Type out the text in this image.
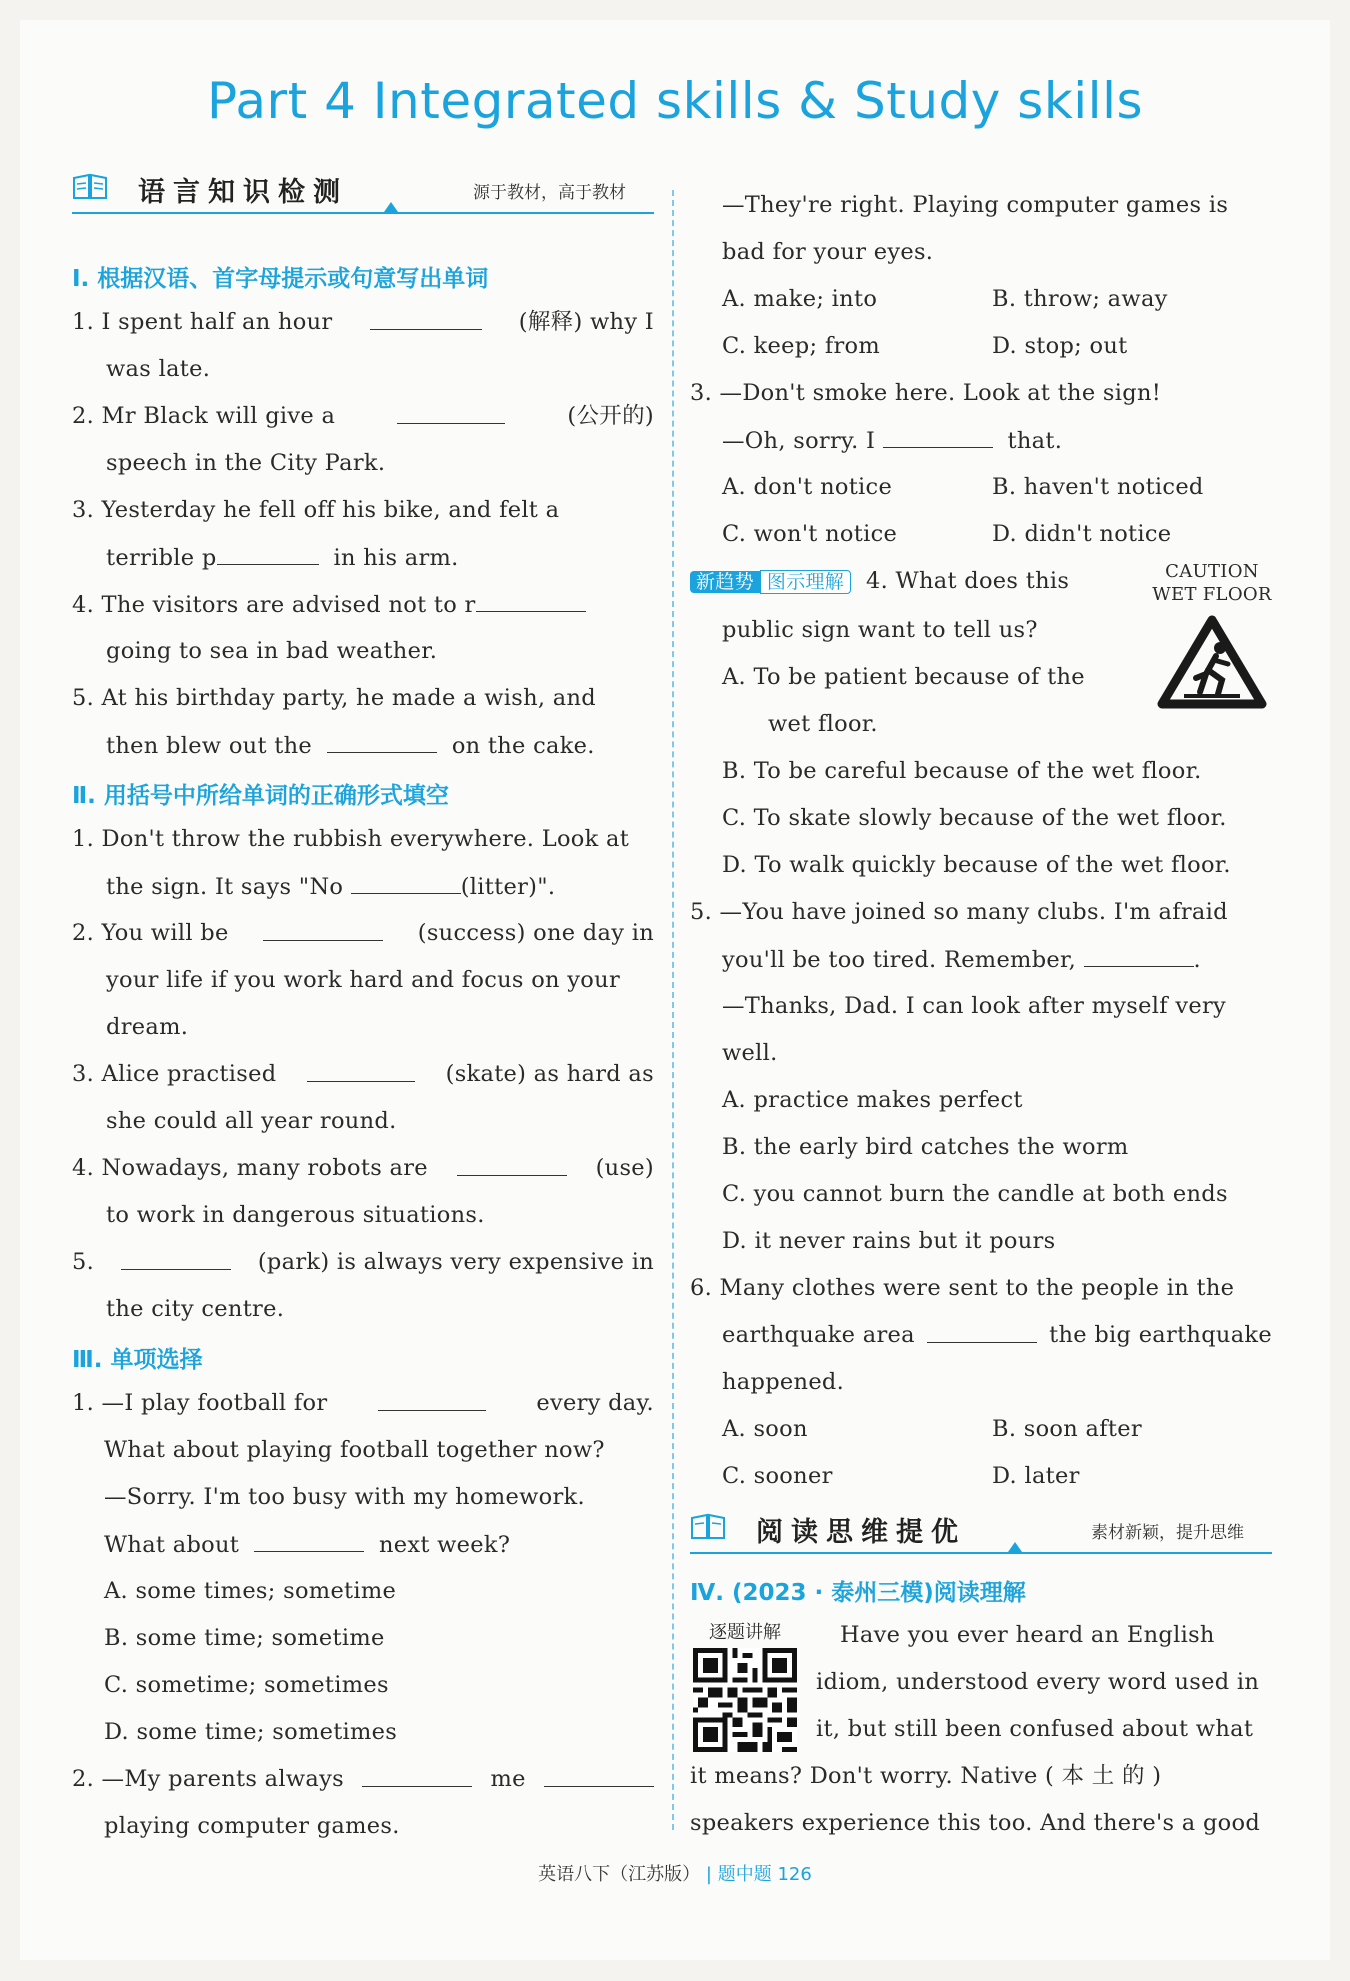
Part 4 Integrated skills & Study skills
语言知识检测	源于教材，高于教材
Ⅰ. 根据汉语、首字母提示或句意写出单词
1. I spent half an hour	(解释) why I
was late.
2. Mr Black will give a	(公开的)
speech in the City Park.
3. Yesterday he fell off his bike, and felt a
terrible p	in his arm.
4. The visitors are advised not to r
going to sea in bad weather.
5. At his birthday party, he made a wish, and
then blew out the	on the cake.
Ⅱ. 用括号中所给单词的正确形式填空
1. Don't throw the rubbish everywhere. Look at
the sign. It says "No	(litter)".
2. You will be	(success) one day in
your life if you work hard and focus on your
dream.
3. Alice practised	(skate) as hard as
she could all year round.
4. Nowadays, many robots are	(use)
to work in dangerous situations.
5.	(park) is always very expensive in
the city centre.
Ⅲ. 单项选择
1. —I play football for	every day.
What about playing football together now?
—Sorry. I'm too busy with my homework.
What about	next week?
A. some times; sometime
B. some time; sometime
C. sometime; sometimes
D. some time; sometimes
2. —My parents always	me
playing computer games.
—They're right. Playing computer games is
bad for your eyes.
A. make; into	B. throw; away
C. keep; from	D. stop; out
3. —Don't smoke here. Look at the sign!
—Oh, sorry. I	that.
A. don't notice	B. haven't noticed
C. won't notice	D. didn't notice
新趋势 图示理解 4. What does this	CAUTION
WET FLOOR
public sign want to tell us?
A. To be patient because of the
wet floor.
B. To be careful because of the wet floor.
C. To skate slowly because of the wet floor.
D. To walk quickly because of the wet floor.
5. —You have joined so many clubs. I'm afraid
you'll be too tired. Remember,	.
—Thanks, Dad. I can look after myself very
well.
A. practice makes perfect
B. the early bird catches the worm
C. you cannot burn the candle at both ends
D. it never rains but it pours
6. Many clothes were sent to the people in the
earthquake area	the big earthquake
happened.
A. soon	B. soon after
C. sooner	D. later
阅读思维提优	素材新颖，提升思维
Ⅳ. (2023 · 泰州三模)阅读理解
逐题讲解	Have you ever heard an English
idiom, understood every word used in
it, but still been confused about what
it means? Don't worry. Native ( 本 土 的 )
speakers experience this too. And there's a good
英语八下（江苏版） | 题中题 126
